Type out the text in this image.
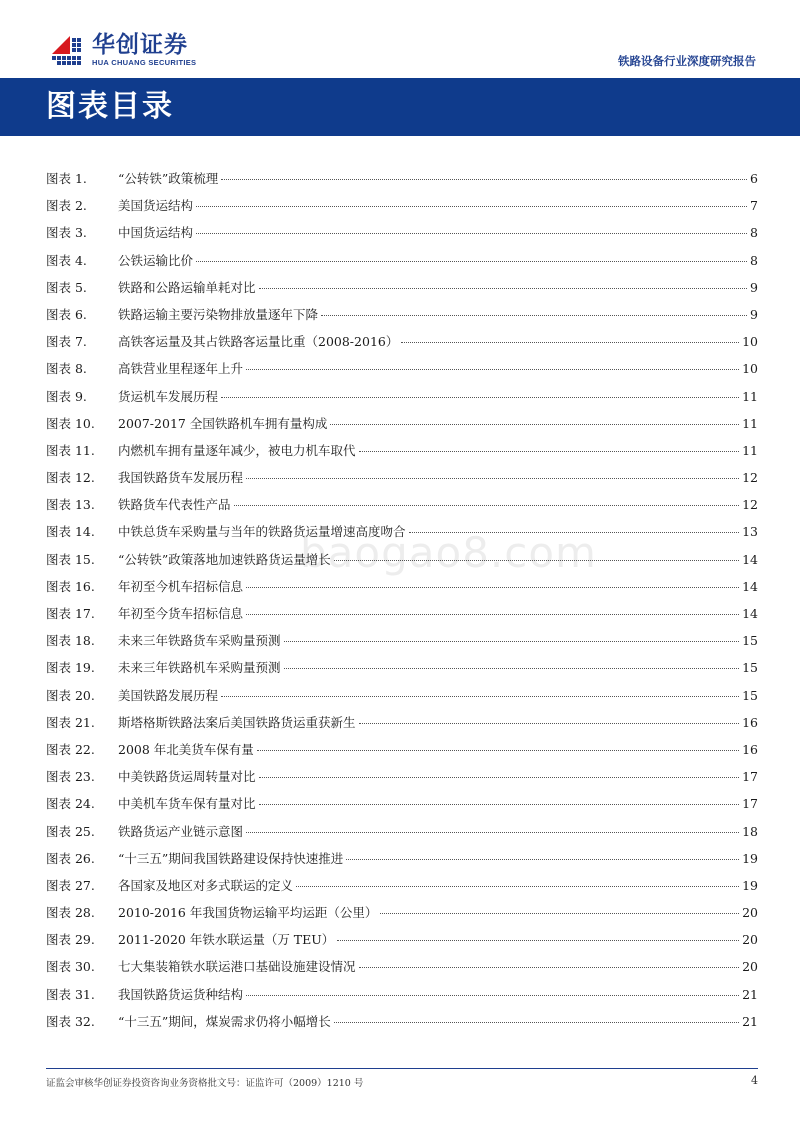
华创证券
HUA CHUANG SECURITIES	铁路设备行业深度研究报告
图表目录
图表 1.	“公转铁”政策梳理	6
图表 2.	美国货运结构	7
图表 3.	中国货运结构	8
图表 4.	公铁运输比价	8
图表 5.	铁路和公路运输单耗对比	9
图表 6.	铁路运输主要污染物排放量逐年下降	9
图表 7.	高铁客运量及其占铁路客运量比重（2008-2016）	10
图表 8.	高铁营业里程逐年上升	10
图表 9.	货运机车发展历程	11
图表 10.	2007-2017 全国铁路机车拥有量构成	11
图表 11.	内燃机车拥有量逐年减少，被电力机车取代	11
图表 12.	我国铁路货车发展历程	12
图表 13.	铁路货车代表性产品	12
图表 14.	中铁总货车采购量与当年的铁路货运量增速高度吻合	13
图表 15.	“公转铁”政策落地加速铁路货运量增长	14
图表 16.	年初至今机车招标信息	14
图表 17.	年初至今货车招标信息	14
图表 18.	未来三年铁路货车采购量预测	15
图表 19.	未来三年铁路机车采购量预测	15
图表 20.	美国铁路发展历程	15
图表 21.	斯塔格斯铁路法案后美国铁路货运重获新生	16
图表 22.	2008 年北美货车保有量	16
图表 23.	中美铁路货运周转量对比	17
图表 24.	中美机车货车保有量对比	17
图表 25.	铁路货运产业链示意图	18
图表 26.	“十三五”期间我国铁路建设保持快速推进	19
图表 27.	各国家及地区对多式联运的定义	19
图表 28.	2010-2016 年我国货物运输平均运距（公里）	20
图表 29.	2011-2020 年铁水联运量（万 TEU）	20
图表 30.	七大集装箱铁水联运港口基础设施建设情况	20
图表 31.	我国铁路货运货种结构	21
图表 32.	“十三五”期间，煤炭需求仍将小幅增长	21
baogao8.com
证监会审核华创证券投资咨询业务资格批文号：证监许可（2009）1210 号	4
